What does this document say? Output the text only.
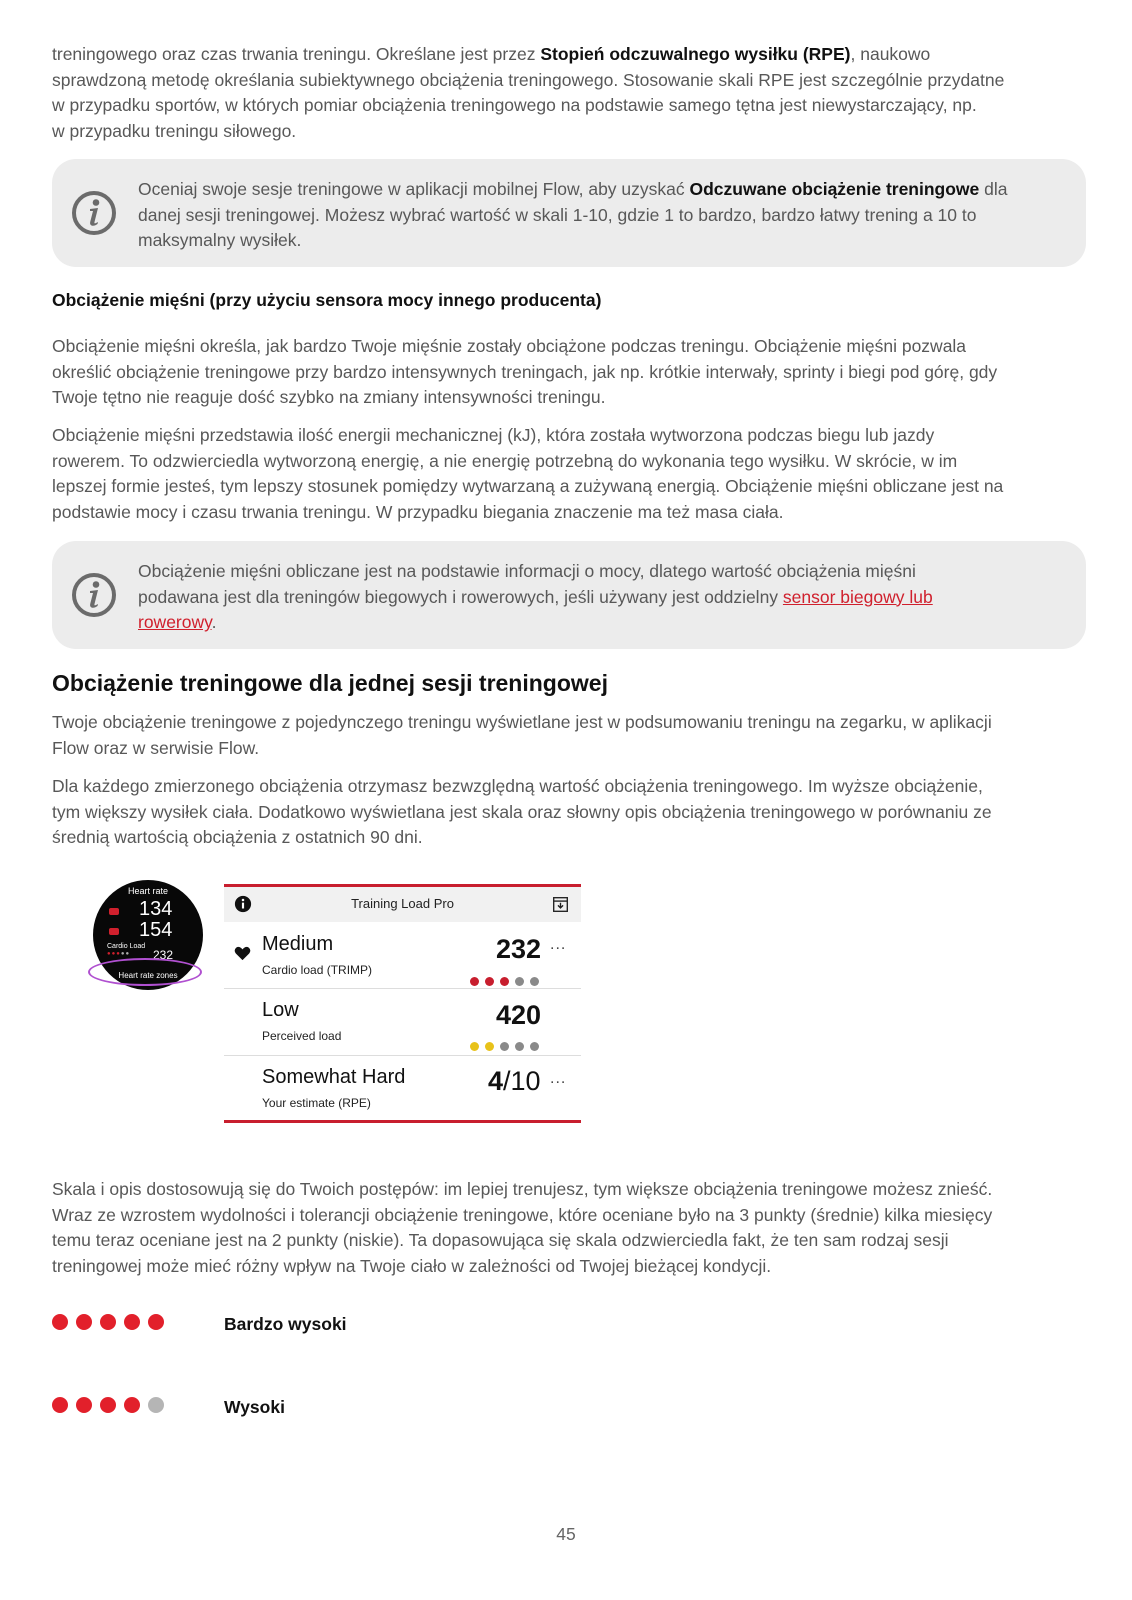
treningowego oraz czas trwania treningu. Określane jest przez Stopień odczuwalnego wysiłku (RPE), naukowo

sprawdzoną metodę określania subiektywnego obciążenia treningowego. Stosowanie skali RPE jest szczególnie przydatne

w przypadku sportów, w których pomiar obciążenia treningowego na podstawie samego tętna jest niewystarczający, np.

w przypadku treningu siłowego.

Oceniaj swoje sesje treningowe w aplikacji mobilnej Flow, aby uzyskać Odczuwane obciążenie treningowe dla

danej sesji treningowej. Możesz wybrać wartość w skali 1-10, gdzie 1 to bardzo, bardzo łatwy trening a 10 to

maksymalny wysiłek.

Obciążenie mięśni (przy użyciu sensora mocy innego producenta)

Obciążenie mięśni określa, jak bardzo Twoje mięśnie zostały obciążone podczas treningu. Obciążenie mięśni pozwala

określić obciążenie treningowe przy bardzo intensywnych treningach, jak np. krótkie interwały, sprinty i biegi pod górę, gdy

Twoje tętno nie reaguje dość szybko na zmiany intensywności treningu.

Obciążenie mięśni przedstawia ilość energii mechanicznej (kJ), która została wytworzona podczas biegu lub jazdy

rowerem. To odzwierciedla wytworzoną energię, a nie energię potrzebną do wykonania tego wysiłku. W skrócie, w im

lepszej formie jesteś, tym lepszy stosunek pomiędzy wytwarzaną a zużywaną energią. Obciążenie mięśni obliczane jest na

podstawie mocy i czasu trwania treningu. W przypadku biegania znaczenie ma też masa ciała.

Obciążenie mięśni obliczane jest na podstawie informacji o mocy, dlatego wartość obciążenia mięśni

podawana jest dla treningów biegowych i rowerowych, jeśli używany jest oddzielny sensor biegowy lub

rowerowy.

Obciążenie treningowe dla jednej sesji treningowej

Twoje obciążenie treningowe z pojedynczego treningu wyświetlane jest w podsumowaniu treningu na zegarku, w aplikacji

Flow oraz w serwisie Flow.

Dla każdego zmierzonego obciążenia otrzymasz bezwzględną wartość obciążenia treningowego. Im wyższe obciążenie,

tym większy wysiłek ciała. Dodatkowo wyświetlana jest skala oraz słowny opis obciążenia treningowego w porównaniu ze

średnią wartością obciążenia z ostatnich 90 dni.

Heart rate
134
154
Cardio Load
●●●●● 232
Heart rate zones
Training Load Pro
Medium
Cardio load (TRIMP)
232 ...
Low
Perceived load
420
Somewhat Hard
Your estimate (RPE)
4/10 ...

Skala i opis dostosowują się do Twoich postępów: im lepiej trenujesz, tym większe obciążenia treningowe możesz znieść.

Wraz ze wzrostem wydolności i tolerancji obciążenie treningowe, które oceniane było na 3 punkty (średnie) kilka miesięcy

temu teraz oceniane jest na 2 punkty (niskie). Ta dopasowująca się skala odzwierciedla fakt, że ten sam rodzaj sesji

treningowej może mieć różny wpływ na Twoje ciało w zależności od Twojej bieżącej kondycji.

Bardzo wysoki
Wysoki
45
